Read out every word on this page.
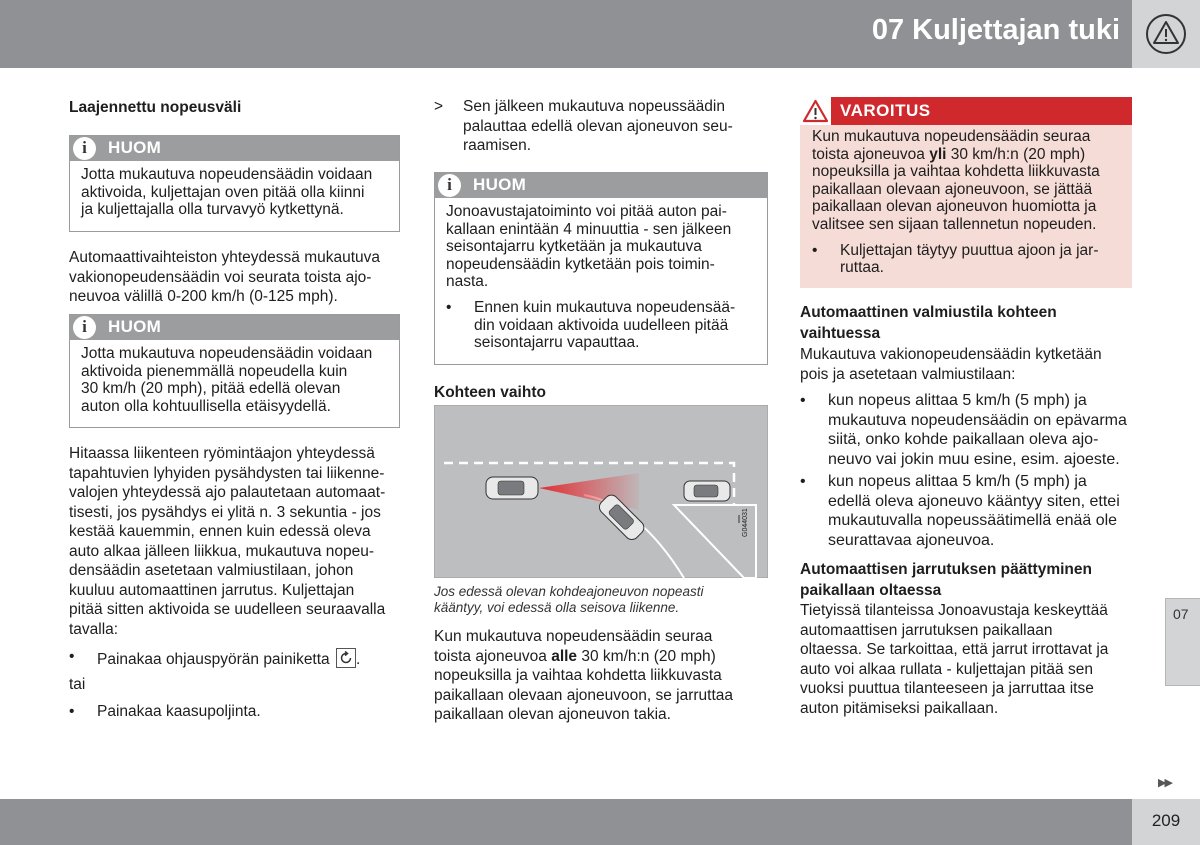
07 Kuljettajan tuki
Laajennettu nopeusväli
i
HUOM
Jotta mukautuva nopeudensäädin voidaan
aktivoida, kuljettajan oven pitää olla kiinni
ja kuljettajalla olla turvavyö kytkettynä.

Automaattivaihteiston yhteydessä mukautuva
vakionopeudensäädin voi seurata toista ajo-
neuvoa välillä 0-200 km/h (0-125 mph).

i
HUOM
Jotta mukautuva nopeudensäädin voidaan
aktivoida pienemmällä nopeudella kuin
30 km/h (20 mph), pitää edellä olevan
auton olla kohtuullisella etäisyydellä.

Hitaassa liikenteen ryömintäajon yhteydessä
tapahtuvien lyhyiden pysähdysten tai liikenne-
valojen yhteydessä ajo palautetaan automaat-
tisesti, jos pysähdys ei ylitä n. 3 sekuntia - jos
kestää kauemmin, ennen kuin edessä oleva
auto alkaa jälleen liikkua, mukautuva nopeu-
densäädin asetetaan valmiustilaan, johon
kuuluu automaattinen jarrutus. Kuljettajan
pitää sitten aktivoida se uudelleen seuraavalla
tavalla:

• Painakaa ohjauspyörän painiketta .
tai
• Painakaa kaasupoljinta.
> Sen jälkeen mukautuva nopeussäädin
palauttaa edellä olevan ajoneuvon seu-
raamisen.
i
HUOM
Jonoavustajatoiminto voi pitää auton pai-
kallaan enintään 4 minuuttia - sen jälkeen
seisontajarru kytketään ja mukautuva
nopeudensäädin kytketään pois toimin-
nasta.
• Ennen kuin mukautuva nopeudensää-
din voidaan aktivoida uudelleen pitää
seisontajarru vapauttaa.
Kohteen vaihto
G044031
Jos edessä olevan kohdeajoneuvon nopeasti
kääntyy, voi edessä olla seisova liikenne.

Kun mukautuva nopeudensäädin seuraa
toista ajoneuvoa alle 30 km/h:n (20 mph)
nopeuksilla ja vaihtaa kohdetta liikkuvasta
paikallaan olevaan ajoneuvoon, se jarruttaa
paikallaan olevan ajoneuvon takia.

VAROITUS
Kun mukautuva nopeudensäädin seuraa
toista ajoneuvoa yli 30 km/h:n (20 mph)
nopeuksilla ja vaihtaa kohdetta liikkuvasta
paikallaan olevaan ajoneuvoon, se jättää
paikallaan olevan ajoneuvon huomiotta ja
valitsee sen sijaan tallennetun nopeuden.
• Kuljettajan täytyy puuttua ajoon ja jar-
ruttaa.
Automaattinen valmiustila kohteen
vaihtuessa

Mukautuva vakionopeudensäädin kytketään
pois ja asetetaan valmiustilaan:

• kun nopeus alittaa 5 km/h (5 mph) ja
mukautuva nopeudensäädin on epävarma
siitä, onko kohde paikallaan oleva ajo-
neuvo vai jokin muu esine, esim. ajoeste.
• kun nopeus alittaa 5 km/h (5 mph) ja
edellä oleva ajoneuvo kääntyy siten, ettei
mukautuvalla nopeussäätimellä enää ole
seurattavaa ajoneuvoa.
Automaattisen jarrutuksen päättyminen
paikallaan oltaessa

Tietyissä tilanteissa Jonoavustaja keskeyttää
automaattisen jarrutuksen paikallaan
oltaessa. Se tarkoittaa, että jarrut irrottavat ja
auto voi alkaa rullata - kuljettajan pitää sen
vuoksi puuttua tilanteeseen ja jarruttaa itse
auton pitämiseksi paikallaan.

07
▶▶
209
